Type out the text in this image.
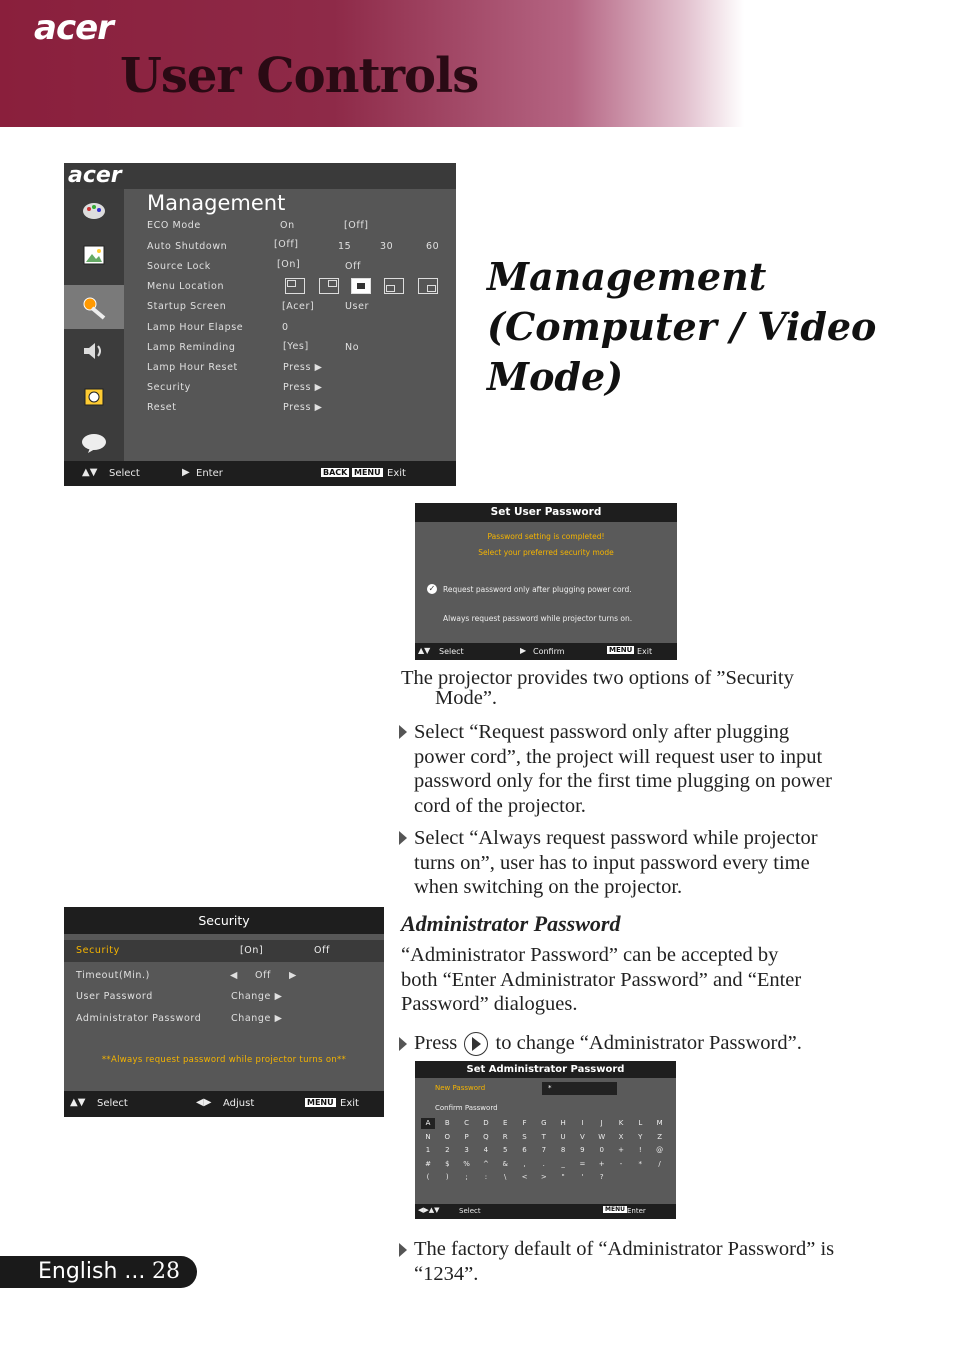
acer
User Controls
Management
(Computer / Video
Mode)
acer
Management
ECO Mode	On	[Off]
Auto Shutdown	[Off]	15	30	60
Source Lock	[On]	Off
Menu Location
Startup Screen	[Acer]	User
Lamp Hour Elapse	0
Lamp Reminding	[Yes]	No
Lamp Hour Reset	Press ▶
Security	Press ▶
Reset	Press ▶
▲▼ Select	▶ Enter	BACK MENU Exit
Set User Password
Password setting is completed!
Select your preferred security mode
✓ Request password only after plugging power cord.
Always request password while projector turns on.
▲▼ Select	▶ Confirm	MENU Exit
The projector provides two options of ”Security
Mode”.
Select “Request password only after plugging
power cord”, the project will request user to input
password only for the first time plugging on power
cord of the projector.
Select “Always request password while projector
turns on”, user has to input password every time
when switching on the projector.
Administrator Password
“Administrator Password” can be accepted by
both “Enter Administrator Password” and “Enter
Password” dialogues.
Press to change “Administrator Password”.
Set Administrator Password
New Password	*
Confirm Password
A	B	C	D	E	F	G	H	I	J	K	L	M
N	O	P	Q	R	S	T	U	V	W	X	Y	Z
1	2	3	4	5	6	7	8	9	0	+	!	@
#	$	%	^	&	,	.	_	=	+	-	*	/
(	)	;	:	\	<	>	"	'	?
◀▶▲▼	Select	MENU Enter
The factory default of “Administrator Password” is
“1234”.
Security
Security	[On]	Off
Timeout(Min.)	◀ Off ▶
User Password	Change ▶
Administrator Password	Change ▶
**Always request password while projector turns on**
▲▼ Select	◀▶ Adjust	MENU Exit
English ... 28
